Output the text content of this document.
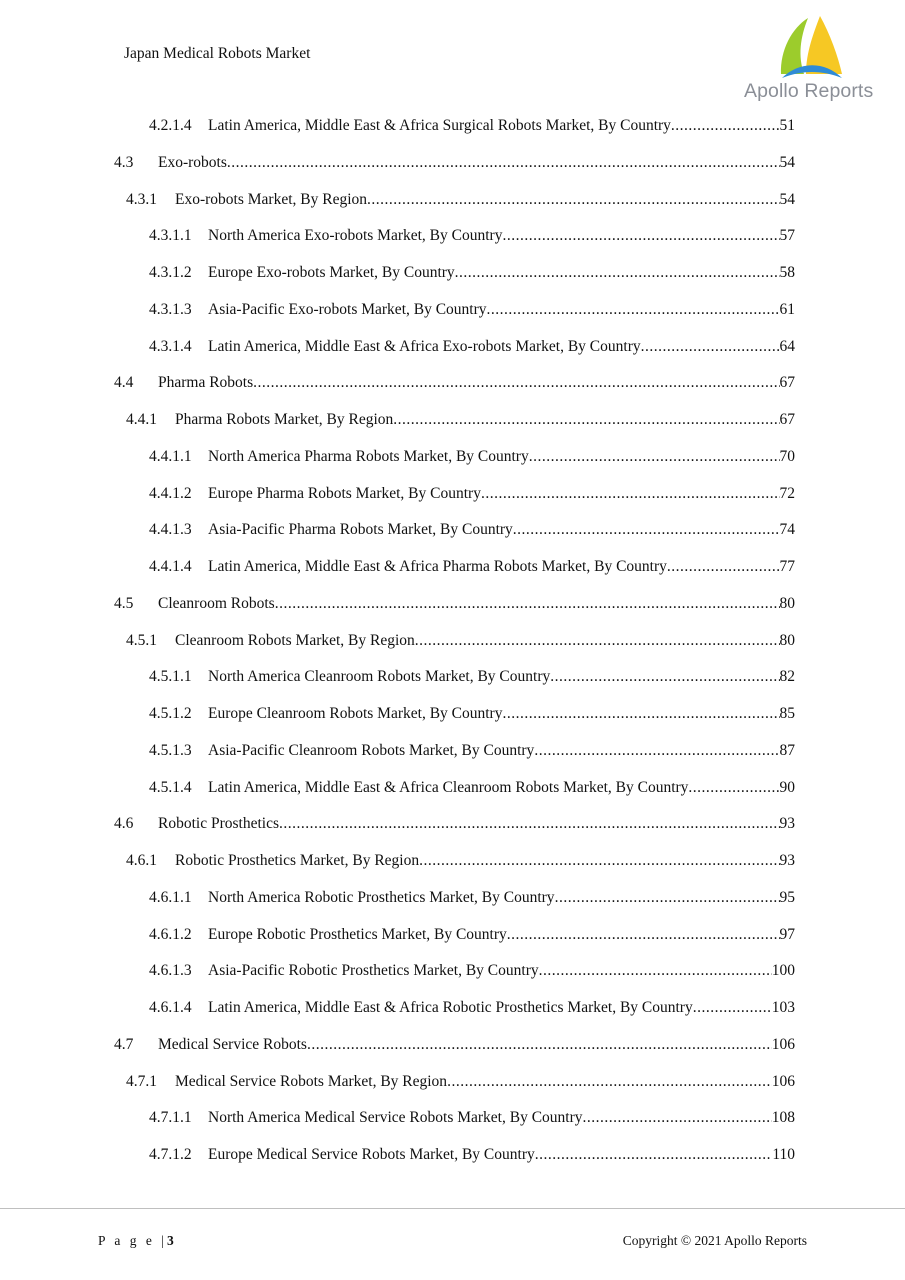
Japan Medical Robots Market
Apollo Reports
4.2.1.4	Latin America, Middle East & Africa Surgical Robots Market, By Country .....	51
4.3	Exo-robots .....	54
4.3.1	Exo-robots Market, By Region .....	54
4.3.1.1	North America Exo-robots Market, By Country .....	57
4.3.1.2	Europe Exo-robots Market, By Country .....	58
4.3.1.3	Asia-Pacific Exo-robots Market, By Country .....	61
4.3.1.4	Latin America, Middle East & Africa Exo-robots Market, By Country .....	64
4.4	Pharma Robots .....	67
4.4.1	Pharma Robots Market, By Region .....	67
4.4.1.1	North America Pharma Robots Market, By Country .....	70
4.4.1.2	Europe Pharma Robots Market, By Country .....	72
4.4.1.3	Asia-Pacific Pharma Robots Market, By Country .....	74
4.4.1.4	Latin America, Middle East & Africa Pharma Robots Market, By Country .....	77
4.5	Cleanroom Robots .....	80
4.5.1	Cleanroom Robots Market, By Region .....	80
4.5.1.1	North America Cleanroom Robots Market, By Country .....	82
4.5.1.2	Europe Cleanroom Robots Market, By Country .....	85
4.5.1.3	Asia-Pacific Cleanroom Robots Market, By Country .....	87
4.5.1.4	Latin America, Middle East & Africa Cleanroom Robots Market, By Country .....	90
4.6	Robotic Prosthetics .....	93
4.6.1	Robotic Prosthetics Market, By Region .....	93
4.6.1.1	North America Robotic Prosthetics Market, By Country .....	95
4.6.1.2	Europe Robotic Prosthetics Market, By Country .....	97
4.6.1.3	Asia-Pacific Robotic Prosthetics Market, By Country .....	100
4.6.1.4	Latin America, Middle East & Africa Robotic Prosthetics Market, By Country .....	103
4.7	Medical Service Robots .....	106
4.7.1	Medical Service Robots Market, By Region .....	106
4.7.1.1	North America Medical Service Robots Market, By Country .....	108
4.7.1.2	Europe Medical Service Robots Market, By Country .....	110
P a g e |3	Copyright © 2021 Apollo Reports
